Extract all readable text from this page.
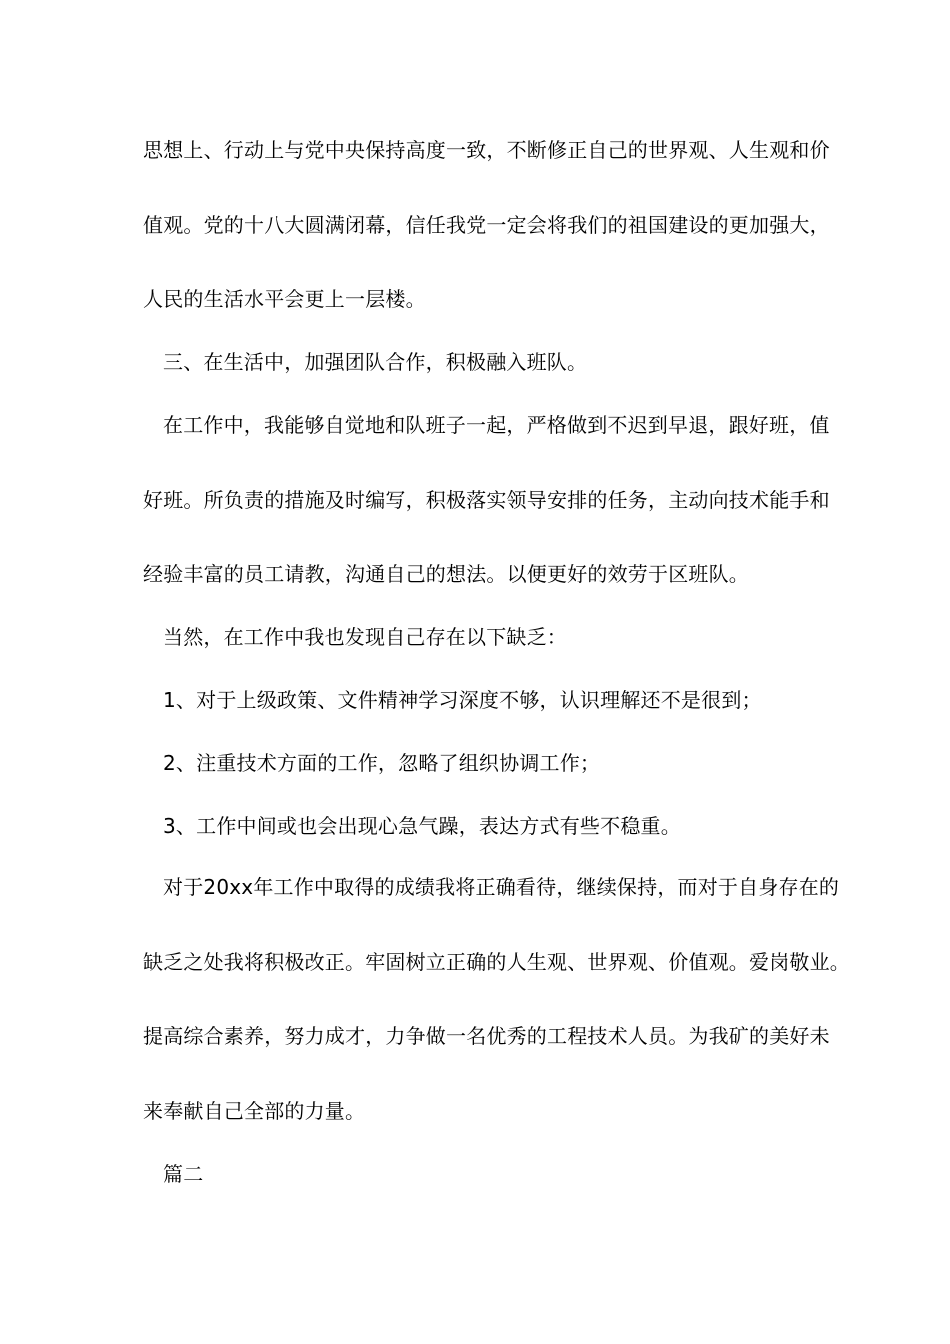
思想上、行动上与党中央保持高度一致，不断修正自己的世界观、人生观和价
值观。党的十八大圆满闭幕，信任我党一定会将我们的祖国建设的更加强大，
人民的生活水平会更上一层楼。
三、在生活中，加强团队合作，积极融入班队。
在工作中，我能够自觉地和队班子一起，严格做到不迟到早退，跟好班，值
好班。所负责的措施及时编写，积极落实领导安排的任务，主动向技术能手和
经验丰富的员工请教，沟通自己的想法。以便更好的效劳于区班队。
当然，在工作中我也发现自己存在以下缺乏：
1、对于上级政策、文件精神学习深度不够，认识理解还不是很到；
2、注重技术方面的工作，忽略了组织协调工作；
3、工作中间或也会出现心急气躁，表达方式有些不稳重。
对于20xx年工作中取得的成绩我将正确看待，继续保持，而对于自身存在的
缺乏之处我将积极改正。牢固树立正确的人生观、世界观、价值观。爱岗敬业。
提高综合素养，努力成才，力争做一名优秀的工程技术人员。为我矿的美好未
来奉献自己全部的力量。
篇二
